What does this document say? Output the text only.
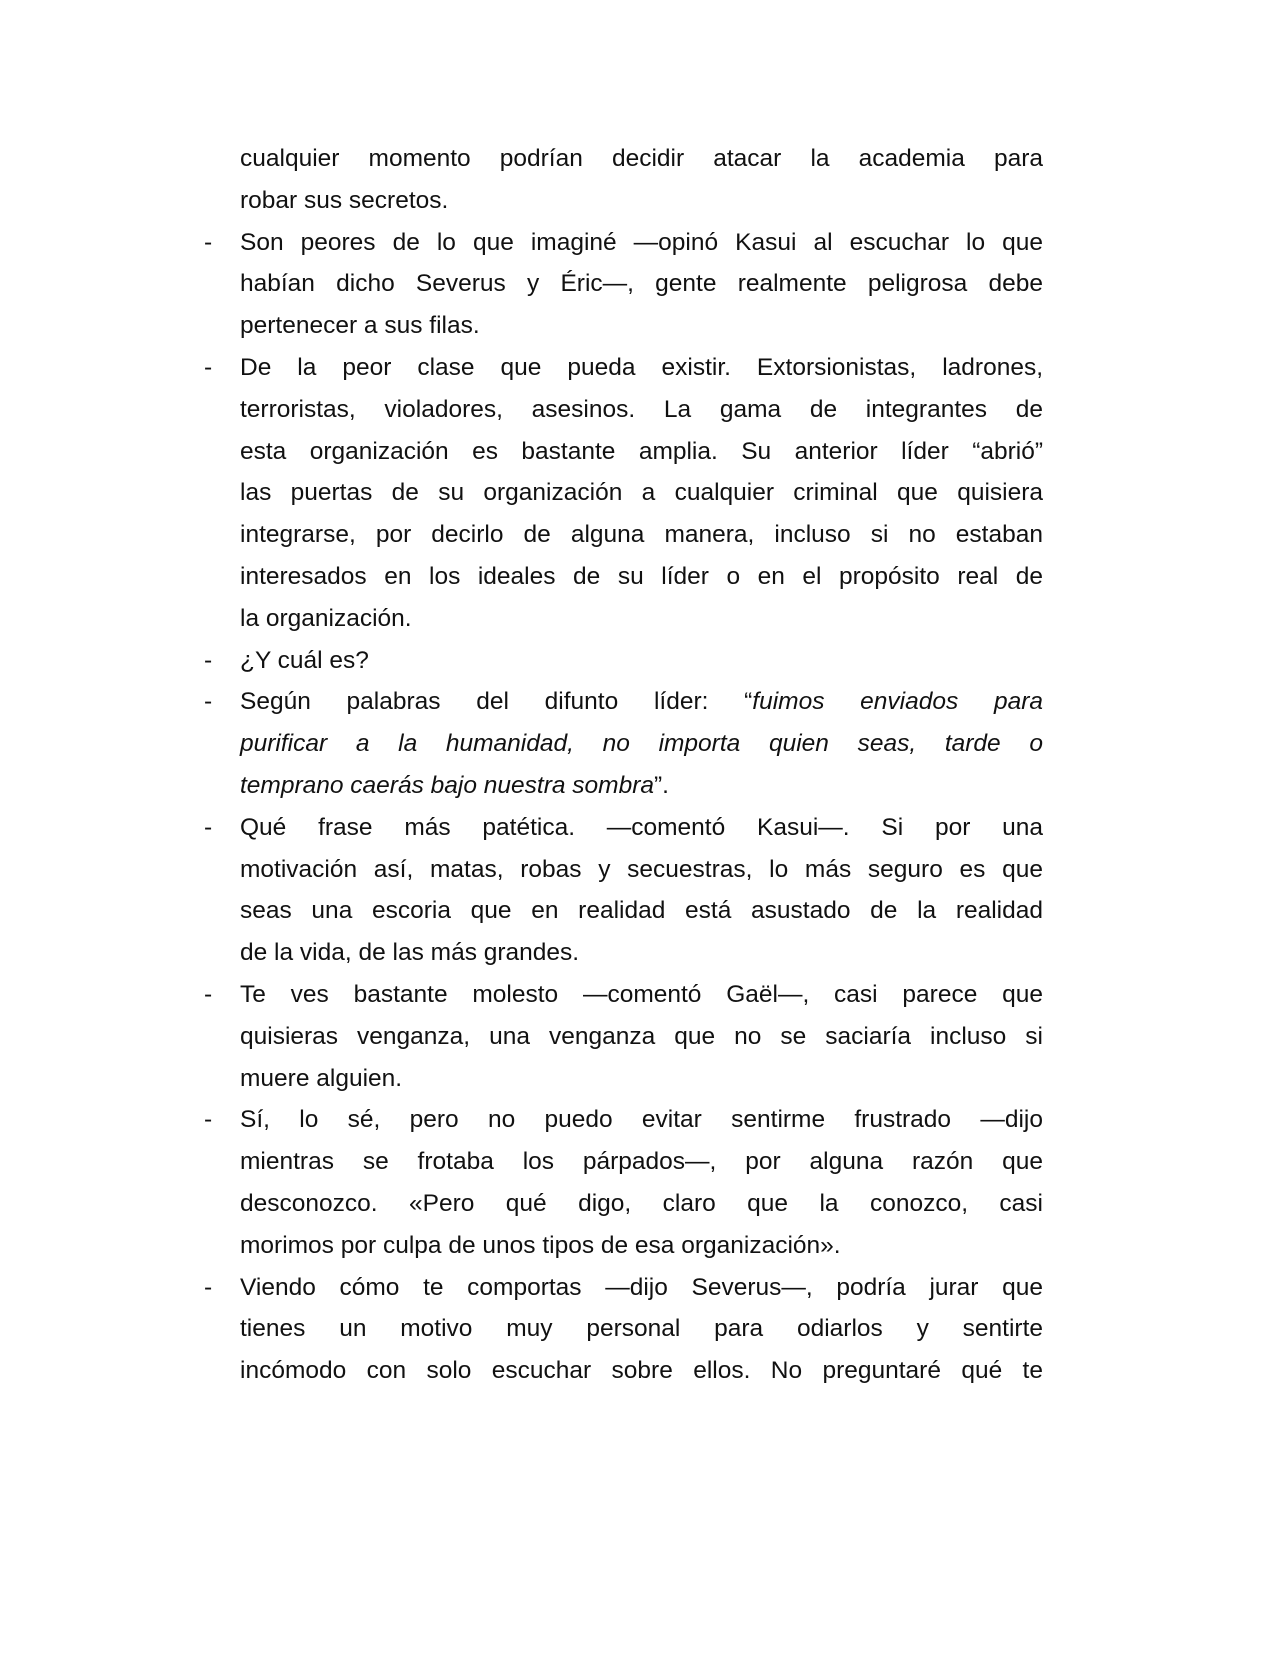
cualquier momento podrían decidir atacar la academia para
robar sus secretos.
- Son peores de lo que imaginé —opinó Kasui al escuchar lo que
habían dicho Severus y Éric—, gente realmente peligrosa debe
pertenecer a sus filas.
- De la peor clase que pueda existir. Extorsionistas, ladrones,
terroristas, violadores, asesinos. La gama de integrantes de
esta organización es bastante amplia. Su anterior líder “abrió”
las puertas de su organización a cualquier criminal que quisiera
integrarse, por decirlo de alguna manera, incluso si no estaban
interesados en los ideales de su líder o en el propósito real de
la organización.
- ¿Y cuál es?
- Según palabras del difunto líder: “fuimos enviados para
purificar a la humanidad, no importa quien seas, tarde o
temprano caerás bajo nuestra sombra”.
- Qué frase más patética. —comentó Kasui—. Si por una
motivación así, matas, robas y secuestras, lo más seguro es que
seas una escoria que en realidad está asustado de la realidad
de la vida, de las más grandes.
- Te ves bastante molesto —comentó Gaël—, casi parece que
quisieras venganza, una venganza que no se saciaría incluso si
muere alguien.
- Sí, lo sé, pero no puedo evitar sentirme frustrado —dijo
mientras se frotaba los párpados—, por alguna razón que
desconozco. «Pero qué digo, claro que la conozco, casi
morimos por culpa de unos tipos de esa organización».
- Viendo cómo te comportas —dijo Severus—, podría jurar que
tienes un motivo muy personal para odiarlos y sentirte
incómodo con solo escuchar sobre ellos. No preguntaré qué te
